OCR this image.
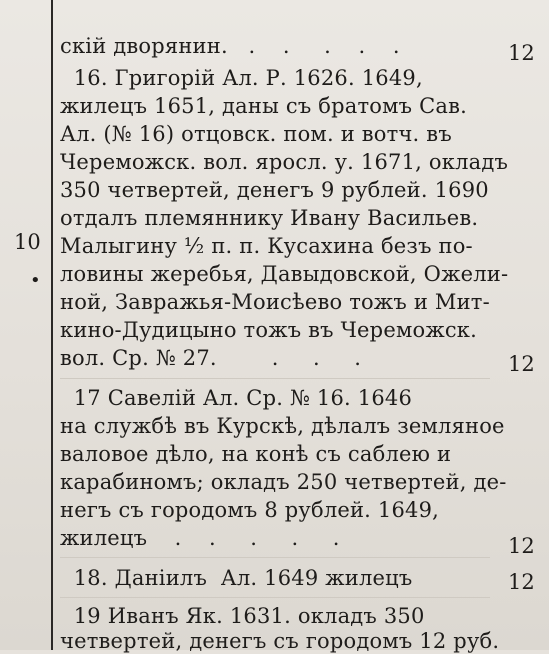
скій дворянин.   .    .     .    .    .
16. Григорій Ал. Р. 1626. 1649,
жилецъ 1651, даны съ братомъ Сав.
Ал. (№ 16) отцовск. пом. и вотч. въ
Череможск. вол. яросл. у. 1671, окладъ
350 четвертей, денегъ 9 рублей. 1690
отдалъ племяннику Ивану Васильев.
Малыгину ½ п. п. Кусахина безъ по-
ловины жеребья, Давыдовской, Ожели-
ной, Завражья-Моисѣево тожъ и Мит-
кино-Дудицыно тожъ въ Череможск.
вол. Ср. № 27.        .     .     .
17 Савелій Ал. Ср. № 16. 1646
на службѣ въ Курскѣ, дѣлалъ земляное
валовое дѣло, на конѣ съ саблею и
карабиномъ; окладъ 250 четвертей, де-
негъ съ городомъ 8 рублей. 1649,
жилецъ    .    .     .     .     .
18. Даніилъ  Ал. 1649 жилецъ
19 Иванъ Як. 1631. окладъ 350
четвертей, денегъ съ городомъ 12 руб.
12
12
12
12
10
•
